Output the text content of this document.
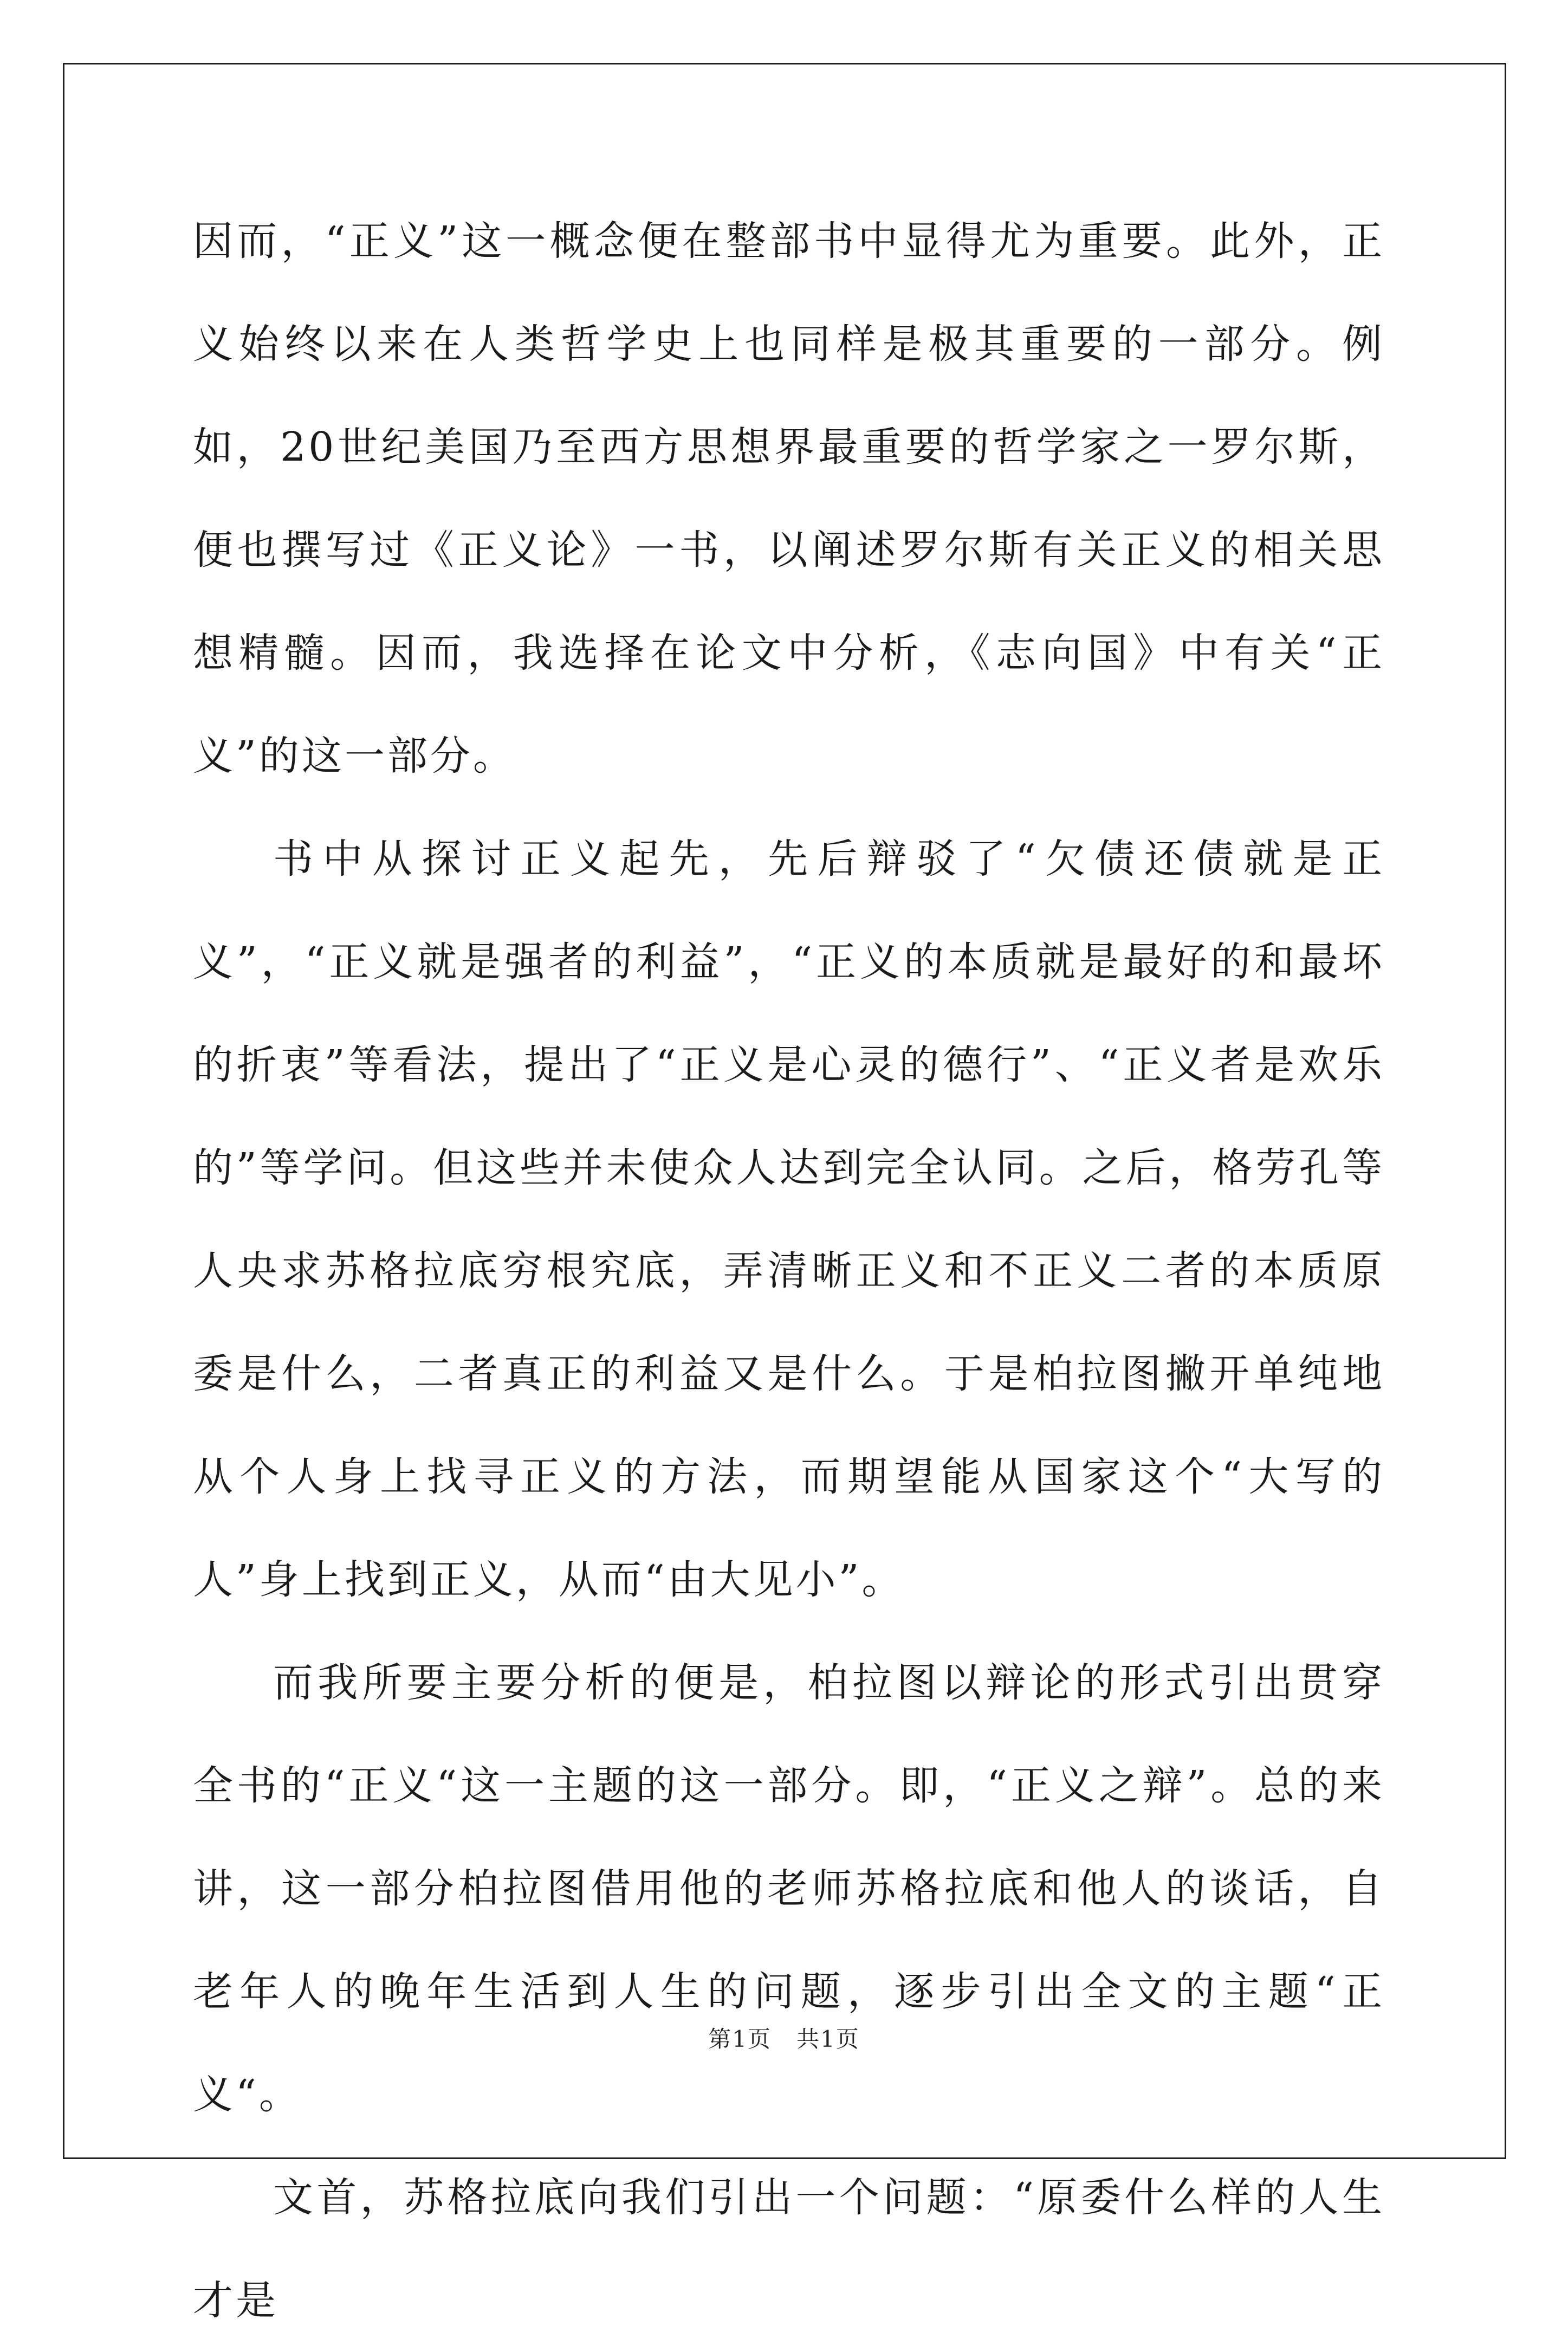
因而，“正义”这一概念便在整部书中显得尤为重要。此外，正义始终以来在人类哲学史上也同样是极其重要的一部分。例如，20世纪美国乃至西方思想界最重要的哲学家之一罗尔斯，便也撰写过《正义论》一书，以阐述罗尔斯有关正义的相关思想精髓。因而，我选择在论文中分析，《志向国》中有关“正义”的这一部分。

书中从探讨正义起先，先后辩驳了“欠债还债就是正义”，“正义就是强者的利益”，“正义的本质就是最好的和最坏的折衷”等看法，提出了“正义是心灵的德行”、“正义者是欢乐的”等学问。但这些并未使众人达到完全认同。之后，格劳孔等人央求苏格拉底穷根究底，弄清晰正义和不正义二者的本质原委是什么，二者真正的利益又是什么。于是柏拉图撇开单纯地从个人身上找寻正义的方法，而期望能从国家这个“大写的人”身上找到正义，从而“由大见小”。

而我所要主要分析的便是，柏拉图以辩论的形式引出贯穿全书的“正义“这一主题的这一部分。即，“正义之辩”。总的来讲，这一部分柏拉图借用他的老师苏格拉底和他人的谈话，自老年人的晚年生活到人生的问题，逐步引出全文的主题“正义“。

文首，苏格拉底向我们引出一个问题：“原委什么样的人生才是

第1页   共1页
